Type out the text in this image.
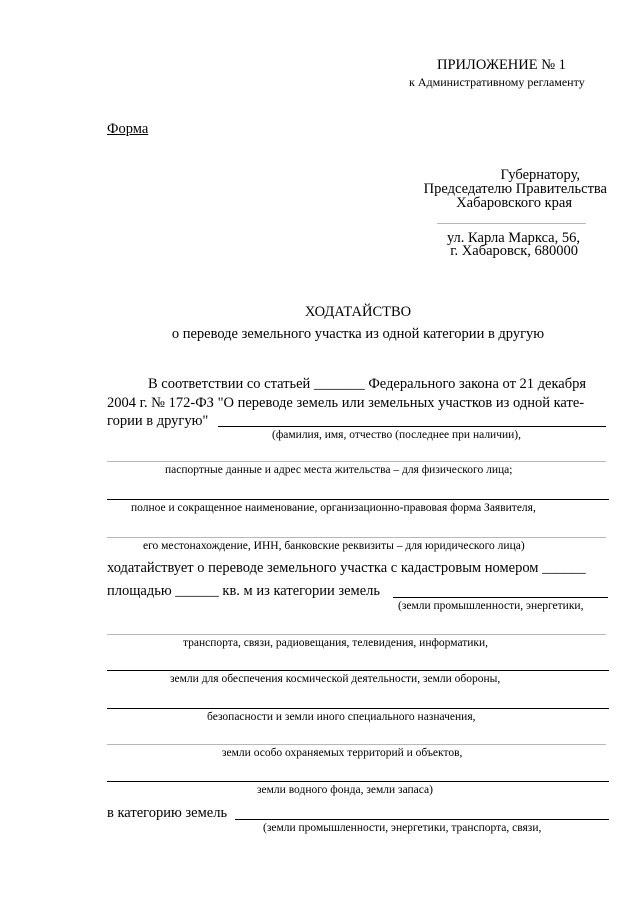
ПРИЛОЖЕНИЕ № 1
к Административному регламенту
Форма
Губернатору,
Председателю Правительства
Хабаровского края
ул. Карла Маркса, 56,
г. Хабаровск, 680000
ХОДАТАЙСТВО
о переводе земельного участка из одной категории в другую
В соответствии со статьей _______ Федерального закона от 21 декабря
2004 г. № 172-ФЗ "О переводе земель или земельных участков из одной кате-
гории в другую"
(фамилия, имя, отчество (последнее при наличии),
паспортные данные и адрес места жительства – для физического лица;
полное и сокращенное наименование, организационно-правовая форма Заявителя,
его местонахождение, ИНН, банковские реквизиты – для юридического лица)
ходатайствует о переводе земельного участка с кадастровым номером ______
площадью ______ кв. м из категории земель
(земли промышленности, энергетики,
транспорта, связи, радиовещания, телевидения, информатики,
земли для обеспечения космической деятельности, земли обороны,
безопасности и земли иного специального назначения,
земли особо охраняемых территорий и объектов,
земли водного фонда, земли запаса)
в категорию земель
(земли промышленности, энергетики, транспорта, связи,
